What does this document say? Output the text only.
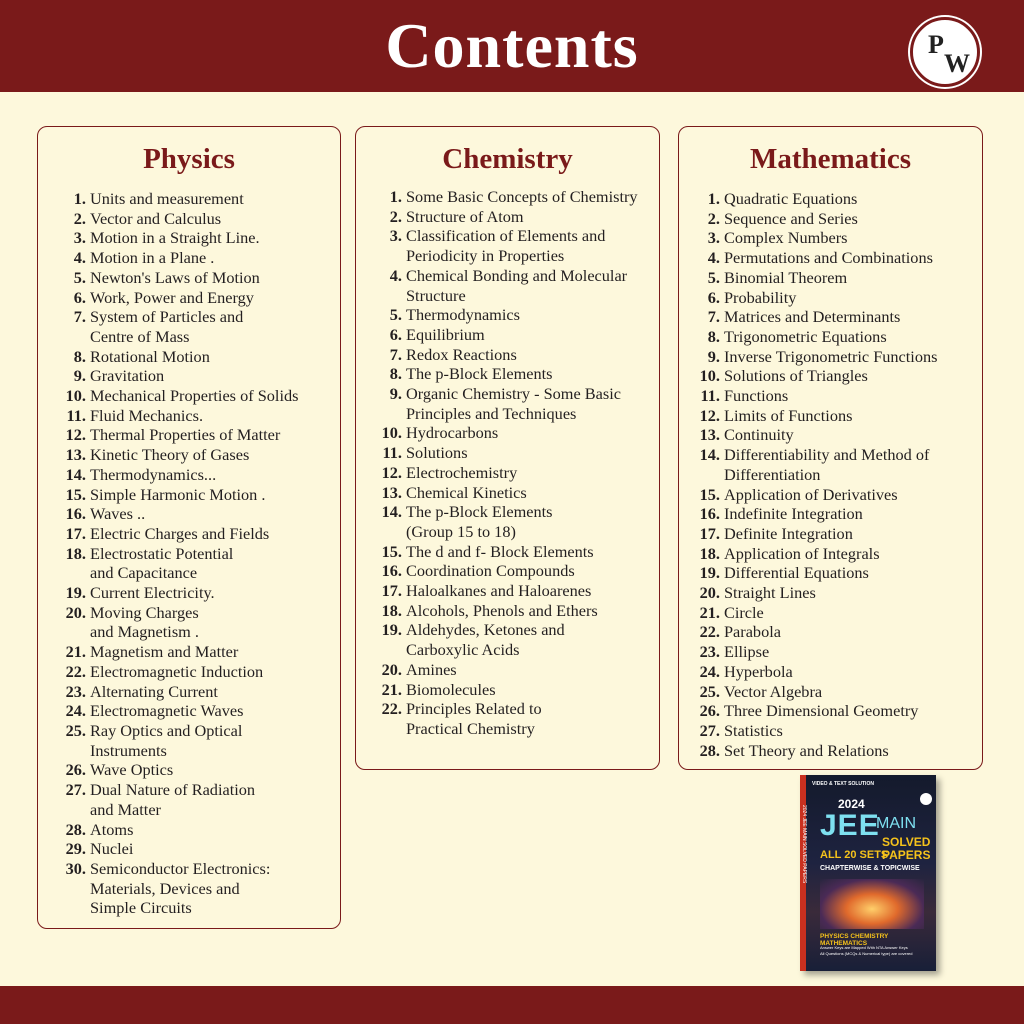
Contents	P
W
Physics
1. Units and measurement
2. Vector and Calculus
3. Motion in a Straight Line.
4. Motion in a Plane .
5. Newton's Laws of Motion
6. Work, Power and Energy
7. System of Particles and
Centre of Mass
8. Rotational Motion
9. Gravitation
10. Mechanical Properties of Solids
11. Fluid Mechanics.
12. Thermal Properties of Matter
13. Kinetic Theory of Gases
14. Thermodynamics...
15. Simple Harmonic Motion .
16. Waves ..
17. Electric Charges and Fields
18. Electrostatic Potential
and Capacitance
19. Current Electricity.
20. Moving Charges
and Magnetism .
21. Magnetism and Matter
22. Electromagnetic Induction
23. Alternating Current
24. Electromagnetic Waves
25. Ray Optics and Optical
Instruments
26. Wave Optics
27. Dual Nature of Radiation
and Matter
28. Atoms
29. Nuclei
30. Semiconductor Electronics:
Materials, Devices and
Simple Circuits
Chemistry
1. Some Basic Concepts of Chemistry
2. Structure of Atom
3. Classification of Elements and
Periodicity in Properties
4. Chemical Bonding and Molecular
Structure
5. Thermodynamics
6. Equilibrium
7. Redox Reactions
8. The p-Block Elements
9. Organic Chemistry - Some Basic
Principles and Techniques
10. Hydrocarbons
11. Solutions
12. Electrochemistry
13. Chemical Kinetics
14. The p-Block Elements
(Group 15 to 18)
15. The d and f- Block Elements
16. Coordination Compounds
17. Haloalkanes and Haloarenes
18. Alcohols, Phenols and Ethers
19. Aldehydes, Ketones and
Carboxylic Acids
20. Amines
21. Biomolecules
22. Principles Related to
Practical Chemistry
Mathematics
1. Quadratic Equations
2. Sequence and Series
3. Complex Numbers
4. Permutations and Combinations
5. Binomial Theorem
6. Probability
7. Matrices and Determinants
8. Trigonometric Equations
9. Inverse Trigonometric Functions
10. Solutions of Triangles
11. Functions
12. Limits of Functions
13. Continuity
14. Differentiability and Method of
Differentiation
15. Application of Derivatives
16. Indefinite Integration
17. Definite Integration
18. Application of Integrals
19. Differential Equations
20. Straight Lines
21. Circle
22. Parabola
23. Ellipse
24. Hyperbola
25. Vector Algebra
26. Three Dimensional Geometry
27. Statistics
28. Set Theory and Relations
2024 JEE MAIN SOLVED PAPERS
VIDEO & TEXT SOLUTION
2024
JEE
MAIN
SOLVED
ALL 20 SETS
PAPERS
CHAPTERWISE & TOPICWISE
PHYSICS CHEMISTRY MATHEMATICS
Answer Keys are Mapped With NTA Answer Keys
All Questions (MCQs & Numerical type) are covered
